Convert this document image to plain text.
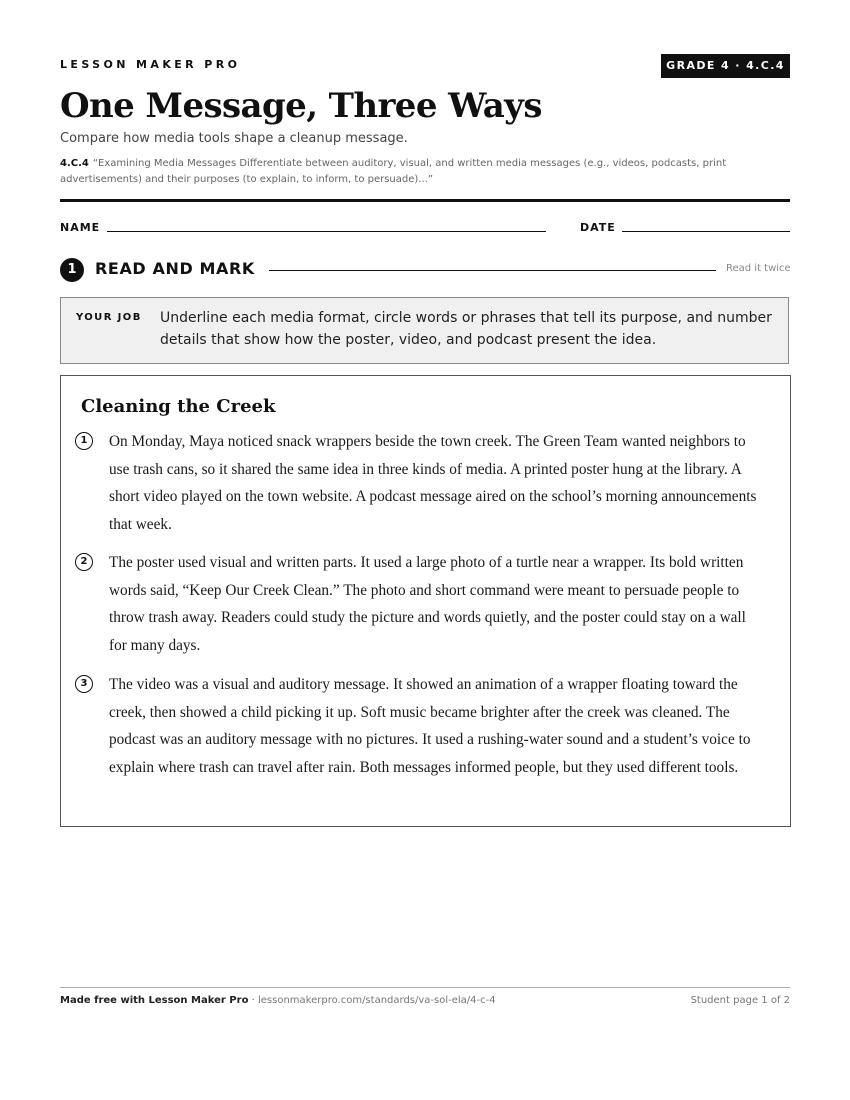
LESSON MAKER PRO	GRADE 4 · 4.C.4
One Message, Three Ways

Compare how media tools shape a cleanup message.

4.C.4 “Examining Media Messages Differentiate between auditory, visual, and written media messages (e.g., videos, podcasts, print advertisements) and their purposes (to explain, to inform, to persuade)...”

NAME	DATE
1	READ AND MARK	Read it twice
YOUR JOB Underline each media format, circle words or phrases that tell its purpose, and number details that show how the poster, video, and podcast present the idea.
Cleaning the Creek
1	On Monday, Maya noticed snack wrappers beside the town creek. The Green Team wanted neighbors to use trash cans, so it shared the same idea in three kinds of media. A printed poster hung at the library. A short video played on the town website. A podcast message aired on the school’s morning announcements that week.

2	The poster used visual and written parts. It used a large photo of a turtle near a wrapper. Its bold written words said, “Keep Our Creek Clean.” The photo and short command were meant to persuade people to throw trash away. Readers could study the picture and words quietly, and the poster could stay on a wall for many days.

3	The video was a visual and auditory message. It showed an animation of a wrapper floating toward the creek, then showed a child picking it up. Soft music became brighter after the creek was cleaned. The podcast was an auditory message with no pictures. It used a rushing-water sound and a student’s voice to explain where trash can travel after rain. Both messages informed people, but they used different tools.

Made free with Lesson Maker Pro · lessonmakerpro.com/standards/va-sol-ela/4-c-4	Student page 1 of 2
